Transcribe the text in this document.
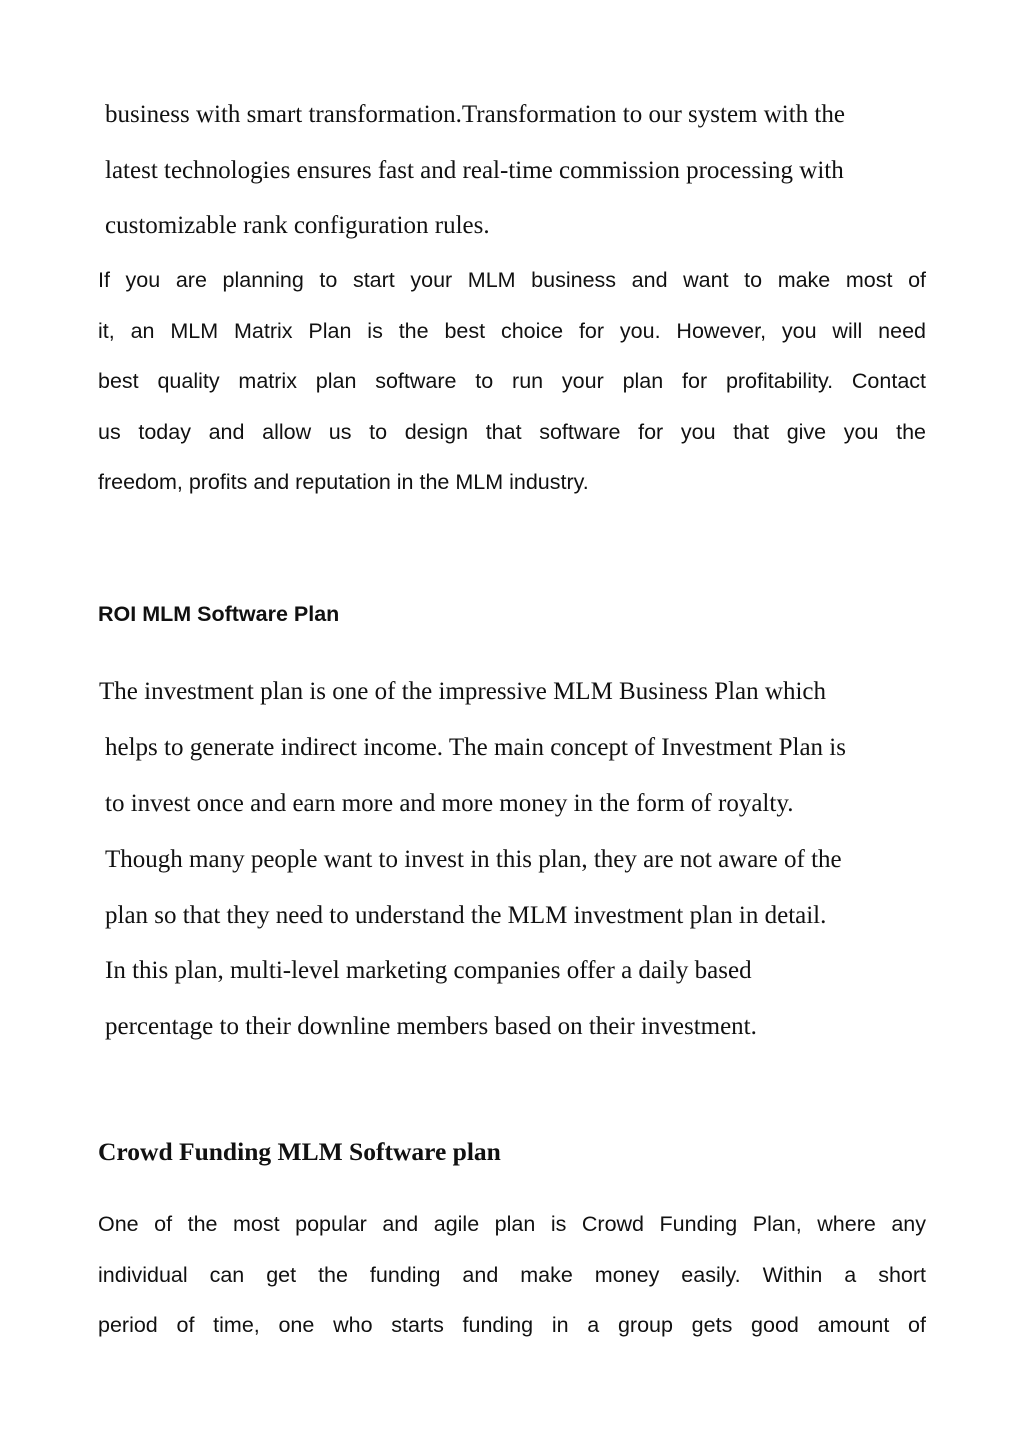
business with smart transformation.Transformation to our system with the
latest technologies ensures fast and real-time commission processing with
customizable rank configuration rules.
If you are planning to start your MLM business and want to make most of
it, an MLM Matrix Plan is the best choice for you. However, you will need
best quality matrix plan software to run your plan for profitability. Contact
us today and allow us to design that software for you that give you the
freedom, profits and reputation in the MLM industry.
ROI MLM Software Plan
The investment plan is one of the impressive MLM Business Plan which
helps to generate indirect income. The main concept of Investment Plan is
to invest once and earn more and more money in the form of royalty.
Though many people want to invest in this plan, they are not aware of the
plan so that they need to understand the MLM investment plan in detail.
In this plan, multi-level marketing companies offer a daily based
percentage to their downline members based on their investment.
Crowd Funding MLM Software plan
One of the most popular and agile plan is Crowd Funding Plan, where any
individual can get the funding and make money easily. Within a short
period of time, one who starts funding in a group gets good amount of
